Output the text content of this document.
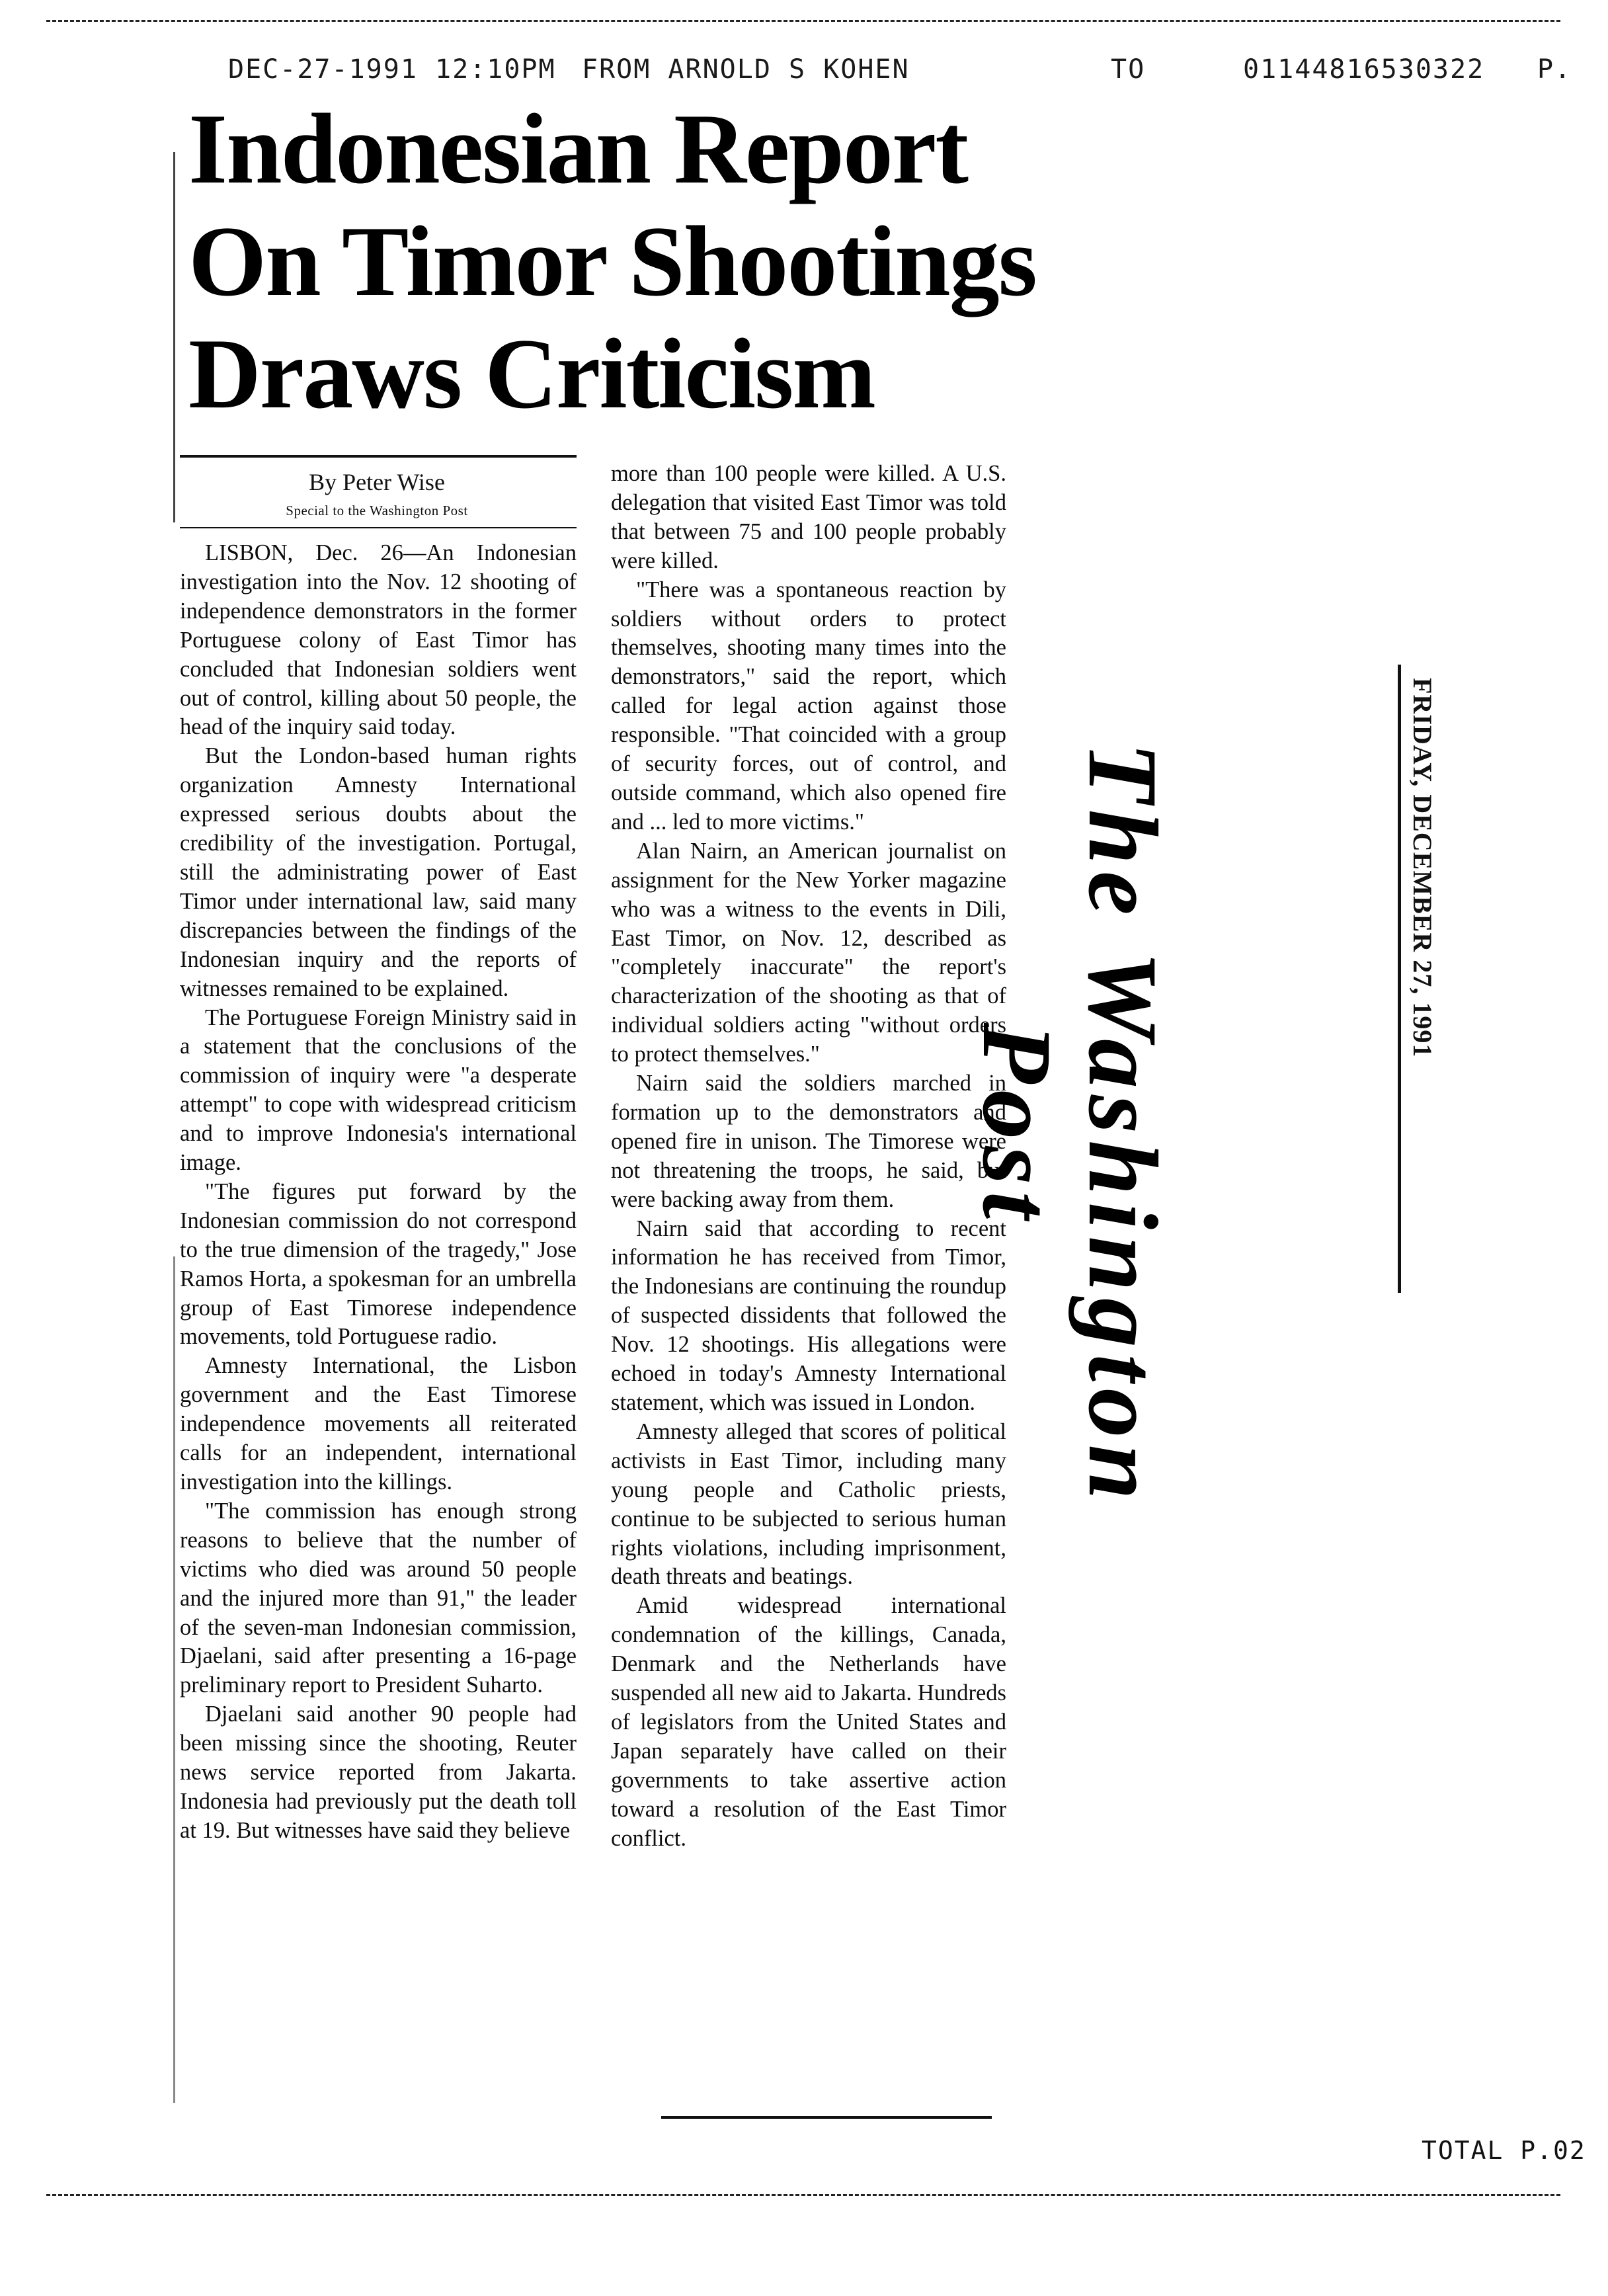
DEC-27-1991 12:10PM FROM ARNOLD S KOHEN	TO	01144816530322 P.
Indonesian Report
On Timor Shootings
Draws Criticism
By Peter Wise
Special to the Washington Post

LISBON, Dec. 26—An Indonesian investigation into the Nov. 12 shooting of independence demonstrators in the former Portuguese colony of East Timor has concluded that Indonesian soldiers went out of control, killing about 50 people, the head of the inquiry said today.

But the London-based human rights organization Amnesty International expressed serious doubts about the credibility of the investigation. Portugal, still the administrating power of East Timor under international law, said many discrepancies between the findings of the Indonesian inquiry and the reports of witnesses remained to be explained.

The Portuguese Foreign Ministry said in a statement that the conclusions of the commission of inquiry were "a desperate attempt" to cope with widespread criticism and to improve Indonesia's international image.

"The figures put forward by the Indonesian commission do not correspond to the true dimension of the tragedy," Jose Ramos Horta, a spokesman for an umbrella group of East Timorese independence movements, told Portuguese radio.

Amnesty International, the Lisbon government and the East Timorese independence movements all reiterated calls for an independent, international investigation into the killings.

"The commission has enough strong reasons to believe that the number of victims who died was around 50 people and the injured more than 91," the leader of the seven-man Indonesian commission, Djaelani, said after presenting a 16-page preliminary report to President Suharto.

Djaelani said another 90 people had been missing since the shooting, Reuter news service reported from Jakarta. Indonesia had previously put the death toll at 19. But witnesses have said they believe

more than 100 people were killed. A U.S. delegation that visited East Timor was told that between 75 and 100 people probably were killed.

"There was a spontaneous reaction by soldiers without orders to protect themselves, shooting many times into the demonstrators," said the report, which called for legal action against those responsible. "That coincided with a group of security forces, out of control, and outside command, which also opened fire and ... led to more victims."

Alan Nairn, an American journalist on assignment for the New Yorker magazine who was a witness to the events in Dili, East Timor, on Nov. 12, described as "completely inaccurate" the report's characterization of the shooting as that of individual soldiers acting "without orders to protect themselves."

Nairn said the soldiers marched in formation up to the demonstrators and opened fire in unison. The Timorese were not threatening the troops, he said, but were backing away from them.

Nairn said that according to recent information he has received from Timor, the Indonesians are continuing the roundup of suspected dissidents that followed the Nov. 12 shootings. His allegations were echoed in today's Amnesty International statement, which was issued in London.

Amnesty alleged that scores of political activists in East Timor, including many young people and Catholic priests, continue to be subjected to serious human rights violations, including imprisonment, death threats and beatings.

Amid widespread international condemnation of the killings, Canada, Denmark and the Netherlands have suspended all new aid to Jakarta. Hundreds of legislators from the United States and Japan separately have called on their governments to take assertive action toward a resolution of the East Timor conflict.

The Washington Post
FRIDAY, DECEMBER 27, 1991
TOTAL P.02
